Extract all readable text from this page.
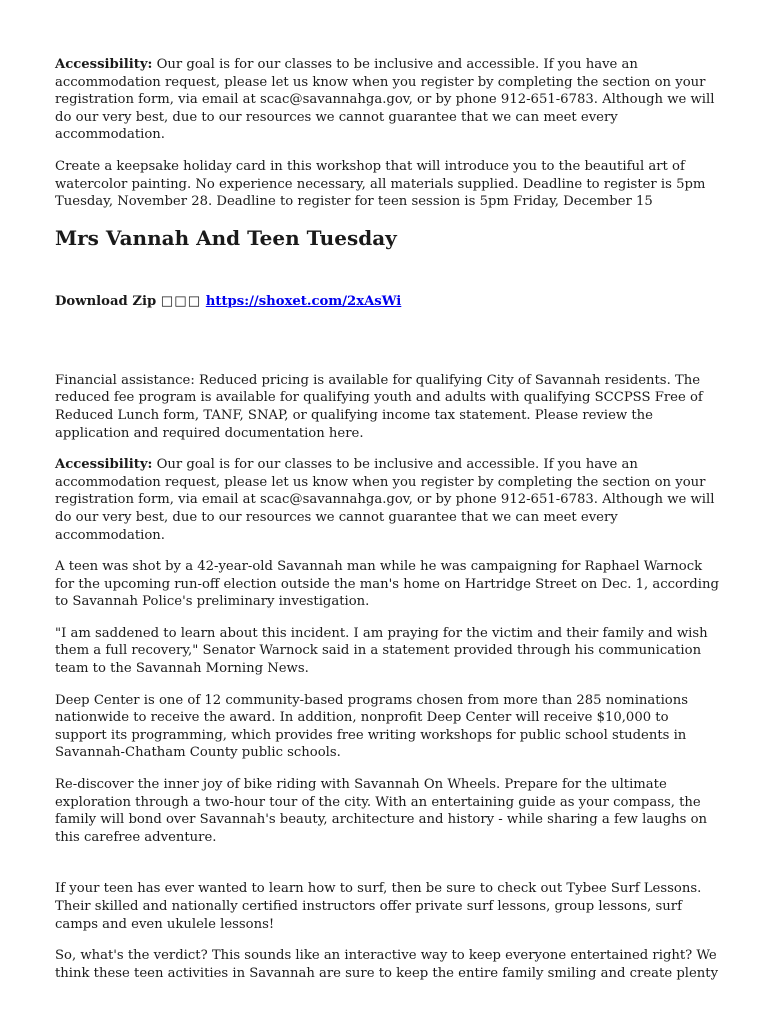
Accessibility: Our goal is for our classes to be inclusive and accessible. If you have an accommodation request, please let us know when you register by completing the section on your registration form, via email at scac@savannahga.gov, or by phone 912-651-6783. Although we will do our very best, due to our resources we cannot guarantee that we can meet every accommodation.

Create a keepsake holiday card in this workshop that will introduce you to the beautiful art of watercolor painting. No experience necessary, all materials supplied. Deadline to register is 5pm Tuesday, November 28. Deadline to register for teen session is 5pm Friday, December 15

Mrs Vannah And Teen Tuesday
Download Zip □□□ https://shoxet.com/2xAsWi

Financial assistance: Reduced pricing is available for qualifying City of Savannah residents. The reduced fee program is available for qualifying youth and adults with qualifying SCCPSS Free of Reduced Lunch form, TANF, SNAP, or qualifying income tax statement. Please review the application and required documentation here.

Accessibility: Our goal is for our classes to be inclusive and accessible. If you have an accommodation request, please let us know when you register by completing the section on your registration form, via email at scac@savannahga.gov, or by phone 912-651-6783. Although we will do our very best, due to our resources we cannot guarantee that we can meet every accommodation.

A teen was shot by a 42-year-old Savannah man while he was campaigning for Raphael Warnock for the upcoming run-off election outside the man's home on Hartridge Street on Dec. 1, according to Savannah Police's preliminary investigation.

"I am saddened to learn about this incident. I am praying for the victim and their family and wish them a full recovery," Senator Warnock said in a statement provided through his communication team to the Savannah Morning News.

Deep Center is one of 12 community-based programs chosen from more than 285 nominations nationwide to receive the award. In addition, nonprofit Deep Center will receive $10,000 to support its programming, which provides free writing workshops for public school students in Savannah-Chatham County public schools.

Re-discover the inner joy of bike riding with Savannah On Wheels. Prepare for the ultimate exploration through a two-hour tour of the city. With an entertaining guide as your compass, the family will bond over Savannah's beauty, architecture and history - while sharing a few laughs on this carefree adventure.

If your teen has ever wanted to learn how to surf, then be sure to check out Tybee Surf Lessons. Their skilled and nationally certified instructors offer private surf lessons, group lessons, surf camps and even ukulele lessons!

So, what's the verdict? This sounds like an interactive way to keep everyone entertained right? We think these teen activities in Savannah are sure to keep the entire family smiling and create plenty
